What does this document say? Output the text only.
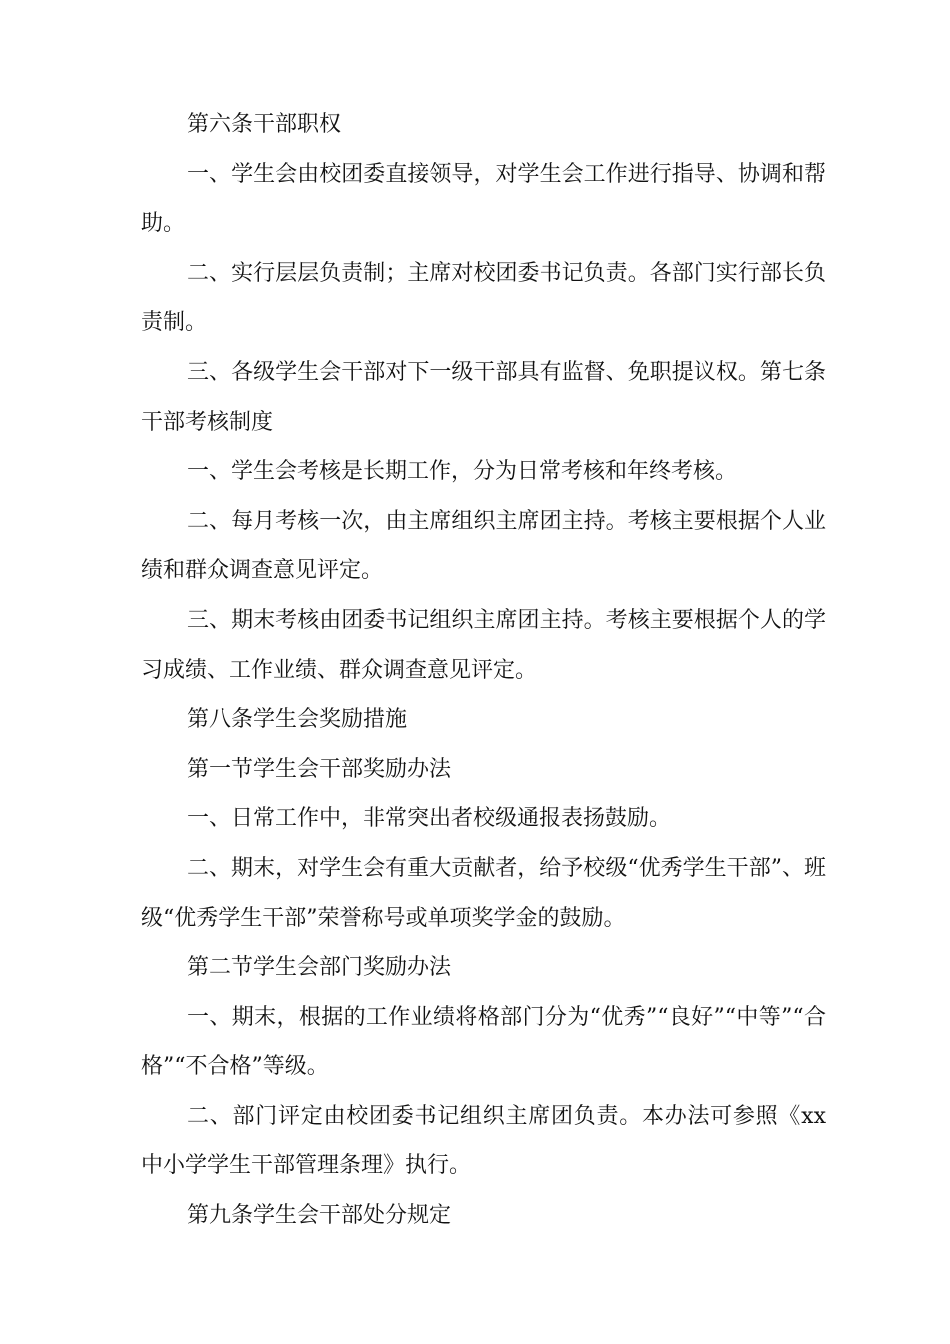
第六条干部职权

一、学生会由校团委直接领导，对学生会工作进行指导、协调和帮助。

二、实行层层负责制；主席对校团委书记负责。各部门实行部长负责制。

三、各级学生会干部对下一级干部具有监督、免职提议权。第七条干部考核制度

一、学生会考核是长期工作，分为日常考核和年终考核。

二、每月考核一次，由主席组织主席团主持。考核主要根据个人业绩和群众调查意见评定。

三、期末考核由团委书记组织主席团主持。考核主要根据个人的学习成绩、工作业绩、群众调查意见评定。

第八条学生会奖励措施

第一节学生会干部奖励办法

一、日常工作中，非常突出者校级通报表扬鼓励。

二、期末，对学生会有重大贡献者，给予校级“优秀学生干部”、班级“优秀学生干部”荣誉称号或单项奖学金的鼓励。

第二节学生会部门奖励办法

一、期末，根据的工作业绩将格部门分为“优秀”“良好”“中等”“合格”“不合格”等级。

二、部门评定由校团委书记组织主席团负责。本办法可参照《xx中小学学生干部管理条理》执行。

第九条学生会干部处分规定
